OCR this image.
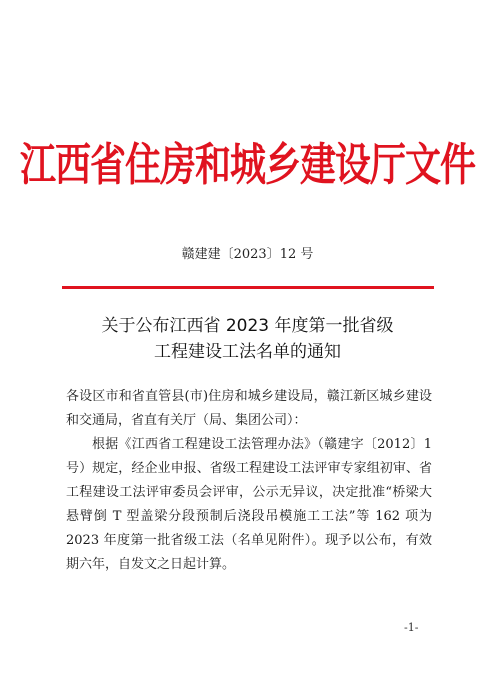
江西省住房和城乡建设厅文件
赣建建〔2023〕12 号
关于公布江西省 2023 年度第一批省级
工程建设工法名单的通知

各设区市和省直管县(市)住房和城乡建设局，赣江新区城乡建设和交通局，省直有关厅（局、集团公司）：

根据《江西省工程建设工法管理办法》（赣建字〔2012〕1 号）规定，经企业申报、省级工程建设工法评审专家组初审、省工程建设工法评审委员会评审，公示无异议，决定批准“桥梁大悬臂倒 T 型盖梁分段预制后浇段吊模施工工法”等 162 项为 2023 年度第一批省级工法（名单见附件）。现予以公布，有效期六年，自发文之日起计算。

-1-
